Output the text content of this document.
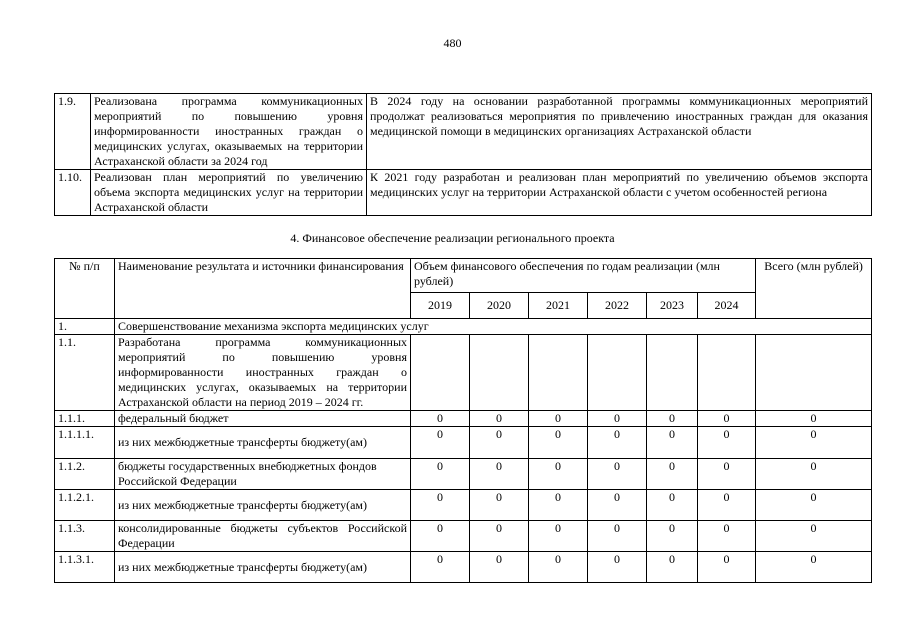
480
1.9.	Реализована программа коммуникационных мероприятий по повышению уровня информированности иностранных граждан о медицинских услугах, оказываемых на территории Астраханской области за 2024 год	В 2024 году на основании разработанной программы коммуникационных мероприятий продолжат реализоваться мероприятия по привлечению иностранных граждан для оказания медицинской помощи в медицинских организациях Астраханской области
1.10.	Реализован план мероприятий по увеличению объема экспорта медицинских услуг на территории Астраханской области	К 2021 году разработан и реализован план мероприятий по увеличению объемов экспорта медицинских услуг на территории Астраханской области с учетом особенностей региона
4. Финансовое обеспечение реализации регионального проекта
№ п/п	Наименование результата и источники финансирования	Объем финансового обеспечения по годам реализации (млн рублей)						Всего (млн рублей)
		2019	2020	2021	2022	2023	2024	
1.	Совершенствование механизма экспорта медицинских услуг							
1.1.	Разработана программа коммуникационных мероприятий по повышению уровня информированности иностранных граждан о медицинских услугах, оказываемых на территории Астраханской области на период 2019 – 2024 гг.							
1.1.1.	федеральный бюджет	0	0	0	0	0	0	0
1.1.1.1.	из них межбюджетные трансферты бюджету(ам)	0	0	0	0	0	0	0
1.1.2.	бюджеты государственных внебюджетных фондов Российской Федерации	0	0	0	0	0	0	0
1.1.2.1.	из них межбюджетные трансферты бюджету(ам)	0	0	0	0	0	0	0
1.1.3.	консолидированные бюджеты субъектов Российской Федерации	0	0	0	0	0	0	0
1.1.3.1.	из них межбюджетные трансферты бюджету(ам)	0	0	0	0	0	0	0
